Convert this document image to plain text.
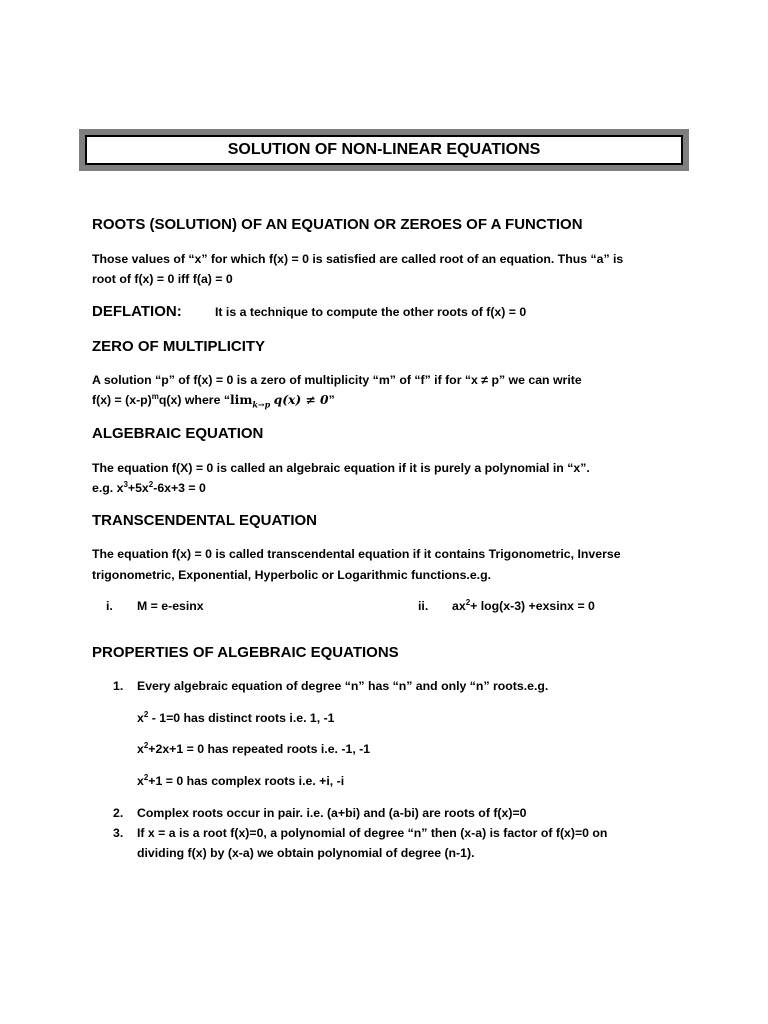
SOLUTION OF NON-LINEAR EQUATIONS
ROOTS (SOLUTION) OF AN EQUATION OR ZEROES OF A FUNCTION
Those values of “x” for which f(x) = 0 is satisfied are called root of an equation. Thus “a” is
root of f(x) = 0 iff f(a) = 0
DEFLATION:	It is a technique to compute the other roots of f(x) = 0
ZERO OF MULTIPLICITY
A solution “p” of f(x) = 0 is a zero of multiplicity “m” of “f” if for “x ≠ p” we can write
$f(x) = (x-p)^mq(x)$ where “$\lim_{k\to p}$ q(x) ≠ 0”
ALGEBRAIC EQUATION
The equation f(X) = 0 is called an algebraic equation if it is purely a polynomial in “x”.
e.g. $x^3+5x^2-6x+3 = 0$
TRANSCENDENTAL EQUATION
The equation f(x) = 0 is called transcendental equation if it contains Trigonometric, Inverse
trigonometric, Exponential, Hyperbolic or Logarithmic functions.e.g.
i. M = e-esinx	ii. $ax^2+ \log(x-3) +exsinx = 0$
PROPERTIES OF ALGEBRAIC EQUATIONS
1. Every algebraic equation of degree “n” has “n” and only “n” roots.e.g.
$x^2 - 1=0$ has distinct roots i.e. 1, -1
$x^2+2x+1 = 0$ has repeated roots i.e. -1, -1
$x^2+1 = 0$ has complex roots i.e. +i, -i
2. Complex roots occur in pair. i.e. (a+bi) and (a-bi) are roots of f(x)=0
3. If x = a is a root f(x)=0, a polynomial of degree “n” then (x-a) is factor of f(x)=0 on
dividing f(x) by (x-a) we obtain polynomial of degree (n-1).
